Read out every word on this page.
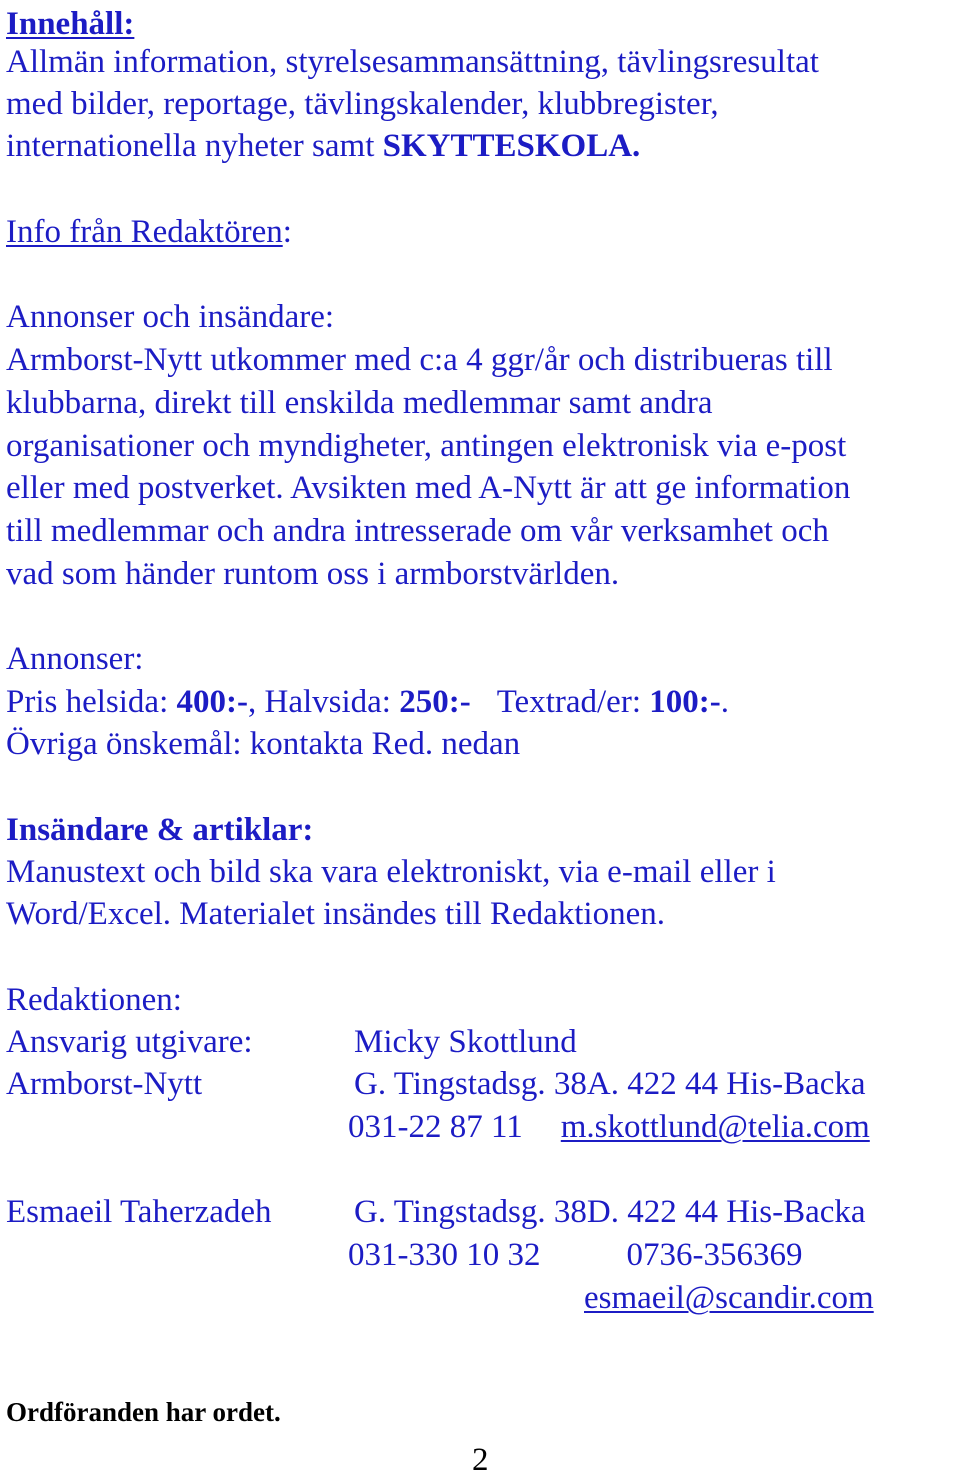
Innehåll:
Allmän information, styrelsesammansättning, tävlingsresultat
med bilder, reportage, tävlingskalender, klubbregister,
internationella nyheter samt SKYTTESKOLA.
Info från Redaktören:
Annonser och insändare:
Armborst-Nytt utkommer med c:a 4 ggr/år och distribueras till
klubbarna, direkt till enskilda medlemmar samt andra
organisationer och myndigheter, antingen elektronisk via e-post
eller med postverket. Avsikten med A-Nytt är att ge information
till medlemmar och andra intresserade om vår verksamhet och
vad som händer runtom oss i armborstvärlden.
Annonser:
Pris helsida: 400:-, Halvsida: 250:- Textrad/er: 100:-.
Övriga önskemål: kontakta Red. nedan
Insändare & artiklar:
Manustext och bild ska vara elektroniskt, via e-mail eller i
Word/Excel. Materialet insändes till Redaktionen.
Redaktionen:
Ansvarig utgivare:	Micky Skottlund
Armborst-Nytt	G. Tingstadsg. 38A. 422 44 His-Backa
031-22 87 11 m.skottlund@telia.com
Esmaeil Taherzadeh G. Tingstadsg. 38D. 422 44 His-Backa
031-330 10 32	0736-356369
esmaeil@scandir.com
Ordföranden har ordet.
2
